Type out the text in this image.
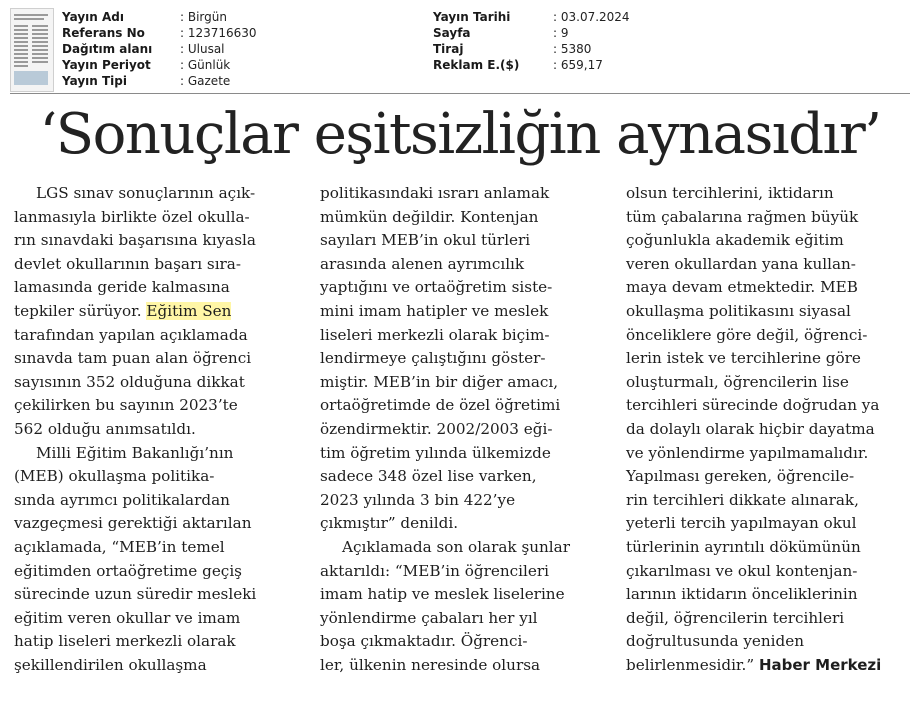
Yayın Adı	: Birgün
Referans No	: 123716630
Dağıtım alanı	: Ulusal
Yayın Periyot	: Günlük
Yayın Tipi	: Gazete
Yayın Tarihi	: 03.07.2024
Sayfa	: 9
Tiraj	: 5380
Reklam E.($)	: 659,17
‘Sonuçlar eşitsizliğin aynasıdır’

LGS sınav sonuçlarının açık-
lanmasıyla birlikte özel okulla-
rın sınavdaki başarısına kıyasla
devlet okullarının başarı sıra-
lamasında geride kalmasına
tepkiler sürüyor. Eğitim Sen
tarafından yapılan açıklamada
sınavda tam puan alan öğrenci
sayısının 352 olduğuna dikkat
çekilirken bu sayının 2023’te
562 olduğu anımsatıldı.

Milli Eğitim Bakanlığı’nın
(MEB) okullaşma politika-
sında ayrımcı politikalardan
vazgeçmesi gerektiği aktarılan
açıklamada, “MEB’in temel
eğitimden ortaöğretime geçiş
sürecinde uzun süredir mesleki
eğitim veren okullar ve imam
hatip liseleri merkezli olarak
şekillendirilen okullaşma

politikasındaki ısrarı anlamak
mümkün değildir. Kontenjan
sayıları MEB’in okul türleri
arasında alenen ayrımcılık
yaptığını ve ortaöğretim siste-
mini imam hatipler ve meslek
liseleri merkezli olarak biçim-
lendirmeye çalıştığını göster-
miştir. MEB’in bir diğer amacı,
ortaöğretimde de özel öğretimi
özendirmektir. 2002/2003 eği-
tim öğretim yılında ülkemizde
sadece 348 özel lise varken,
2023 yılında 3 bin 422’ye
çıkmıştır” denildi.

Açıklamada son olarak şunlar
aktarıldı: “MEB’in öğrencileri
imam hatip ve meslek liselerine
yönlendirme çabaları her yıl
boşa çıkmaktadır. Öğrenci-
ler, ülkenin neresinde olursa

olsun tercihlerini, iktidarın
tüm çabalarına rağmen büyük
çoğunlukla akademik eğitim
veren okullardan yana kullan-
maya devam etmektedir. MEB
okullaşma politikasını siyasal
önceliklere göre değil, öğrenci-
lerin istek ve tercihlerine göre
oluşturmalı, öğrencilerin lise
tercihleri sürecinde doğrudan ya
da dolaylı olarak hiçbir dayatma
ve yönlendirme yapılmamalıdır.
Yapılması gereken, öğrencile-
rin tercihleri dikkate alınarak,
yeterli tercih yapılmayan okul
türlerinin ayrıntılı dökümünün
çıkarılması ve okul kontenjan-
larının iktidarın önceliklerinin
değil, öğrencilerin tercihleri
doğrultusunda yeniden
belirlenmesidir.” Haber Merkezi
